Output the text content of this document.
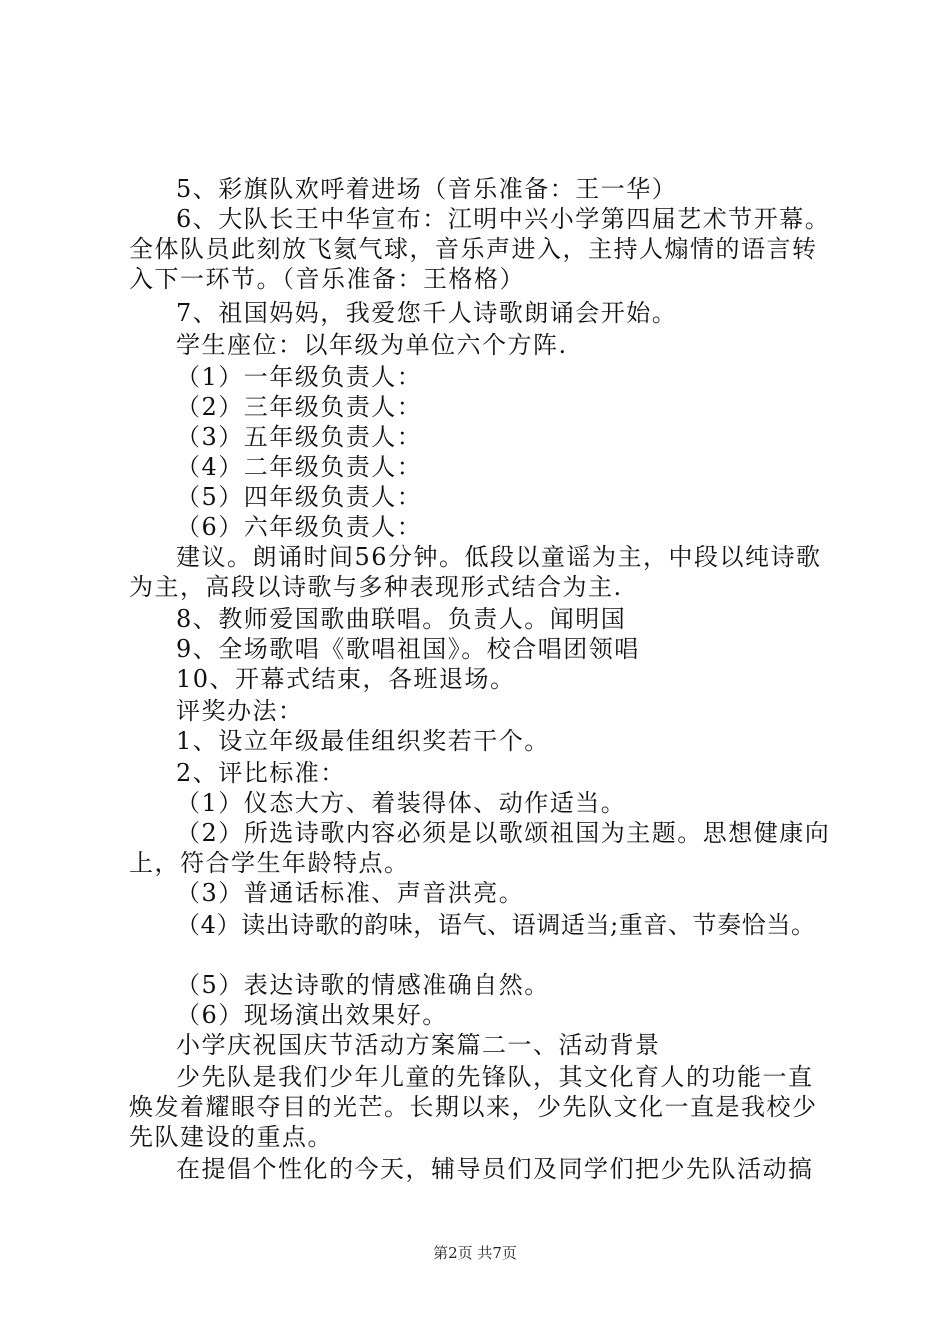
5、彩旗队欢呼着进场（音乐准备：王一华）
6、大队长王中华宣布：江明中兴小学第四届艺术节开幕。
全体队员此刻放飞氦气球，音乐声进入，主持人煽情的语言转
入下一环节。（音乐准备：王格格）
7、祖国妈妈，我爱您千人诗歌朗诵会开始。
学生座位：以年级为单位六个方阵.
（1）一年级负责人：
（2）三年级负责人：
（3）五年级负责人：
（4）二年级负责人：
（5）四年级负责人：
（6）六年级负责人：
建议。朗诵时间56分钟。低段以童谣为主，中段以纯诗歌
为主，高段以诗歌与多种表现形式结合为主.
8、教师爱国歌曲联唱。负责人。闻明国
9、全场歌唱《歌唱祖国》。校合唱团领唱
10、开幕式结束，各班退场。
评奖办法：
1、设立年级最佳组织奖若干个。
2、评比标准：
（1）仪态大方、着装得体、动作适当。
（2）所选诗歌内容必须是以歌颂祖国为主题。思想健康向
上，符合学生年龄特点。
（3）普通话标准、声音洪亮。
（4）读出诗歌的韵味，语气、语调适当;重音、节奏恰当。
（5）表达诗歌的情感准确自然。
（6）现场演出效果好。
小学庆祝国庆节活动方案篇二一、活动背景
少先队是我们少年儿童的先锋队，其文化育人的功能一直
焕发着耀眼夺目的光芒。长期以来，少先队文化一直是我校少
先队建设的重点。
在提倡个性化的今天，辅导员们及同学们把少先队活动搞
第2页 共7页
